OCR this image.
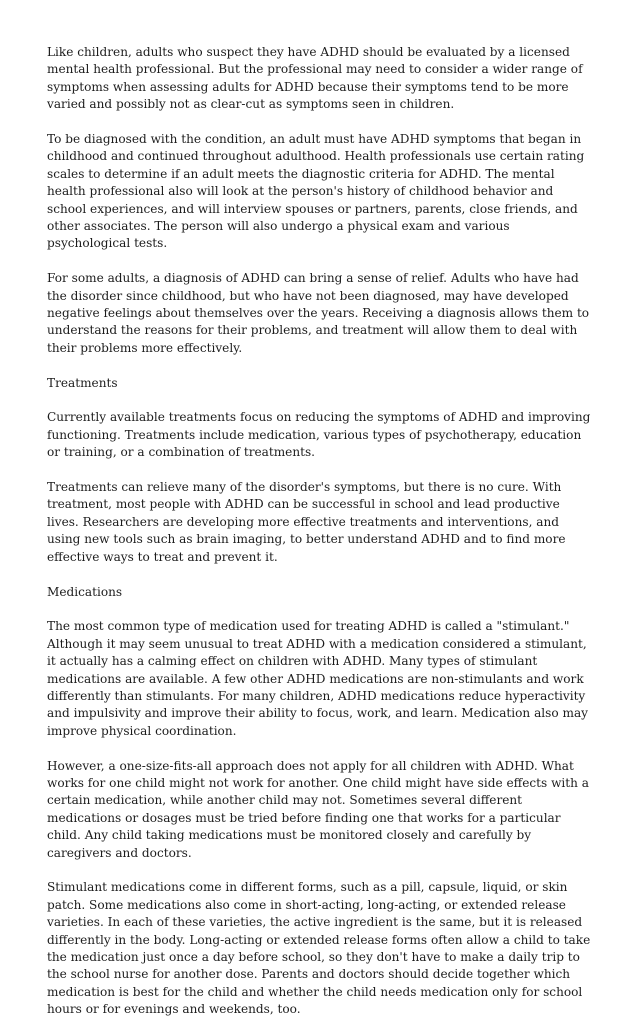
Like children, adults who suspect they have ADHD should be evaluated by a licensed mental health professional. But the professional may need to consider a wider range of symptoms when assessing adults for ADHD because their symptoms tend to be more varied and possibly not as clear-cut as symptoms seen in children.

To be diagnosed with the condition, an adult must have ADHD symptoms that began in childhood and continued throughout adulthood. Health professionals use certain rating scales to determine if an adult meets the diagnostic criteria for ADHD. The mental health professional also will look at the person's history of childhood behavior and school experiences, and will interview spouses or partners, parents, close friends, and other associates. The person will also undergo a physical exam and various psychological tests.

For some adults, a diagnosis of ADHD can bring a sense of relief. Adults who have had the disorder since childhood, but who have not been diagnosed, may have developed negative feelings about themselves over the years. Receiving a diagnosis allows them to understand the reasons for their problems, and treatment will allow them to deal with their problems more effectively.

Treatments

Currently available treatments focus on reducing the symptoms of ADHD and improving functioning. Treatments include medication, various types of psychotherapy, education or training, or a combination of treatments.

Treatments can relieve many of the disorder's symptoms, but there is no cure. With treatment, most people with ADHD can be successful in school and lead productive lives. Researchers are developing more effective treatments and interventions, and using new tools such as brain imaging, to better understand ADHD and to find more effective ways to treat and prevent it.

Medications

The most common type of medication used for treating ADHD is called a "stimulant." Although it may seem unusual to treat ADHD with a medication considered a stimulant, it actually has a calming effect on children with ADHD. Many types of stimulant medications are available. A few other ADHD medications are non-stimulants and work differently than stimulants. For many children, ADHD medications reduce hyperactivity and impulsivity and improve their ability to focus, work, and learn. Medication also may improve physical coordination.

However, a one-size-fits-all approach does not apply for all children with ADHD. What works for one child might not work for another. One child might have side effects with a certain medication, while another child may not. Sometimes several different medications or dosages must be tried before finding one that works for a particular child. Any child taking medications must be monitored closely and carefully by caregivers and doctors.

Stimulant medications come in different forms, such as a pill, capsule, liquid, or skin patch. Some medications also come in short-acting, long-acting, or extended release varieties. In each of these varieties, the active ingredient is the same, but it is released differently in the body. Long-acting or extended release forms often allow a child to take the medication just once a day before school, so they don't have to make a daily trip to the school nurse for another dose. Parents and doctors should decide together which medication is best for the child and whether the child needs medication only for school hours or for evenings and weekends, too.
